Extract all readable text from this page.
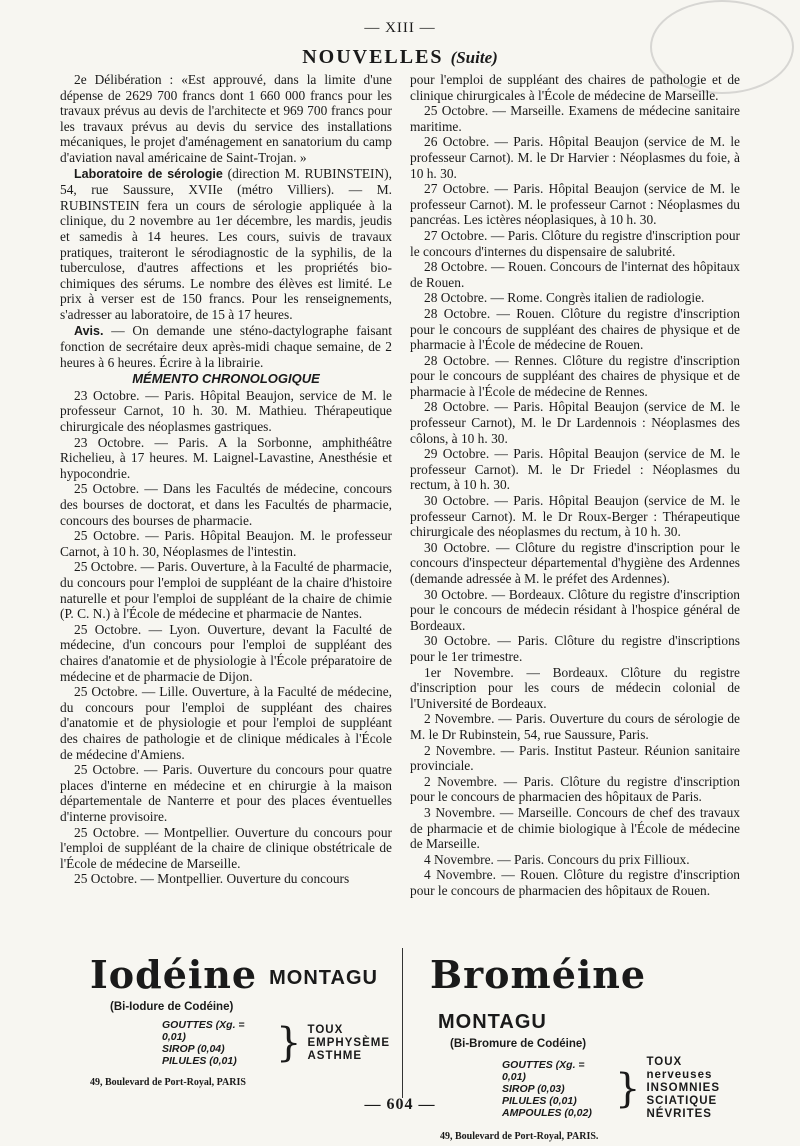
— XIII —
NOUVELLES (Suite)

2e Délibération : «Est approuvé, dans la limite d'une dépense de 2629 700 francs dont 1 660 000 francs pour les travaux prévus au devis de l'architecte et 969 700 francs pour les travaux prévus au devis du service des installations mécaniques, le projet d'aménagement en sanatorium du camp d'aviation naval américaine de Saint-Trojan. »

Laboratoire de sérologie (direction M. RUBINSTEIN), 54, rue Saussure, XVIIe (métro Villiers). — M. RUBINSTEIN fera un cours de sérologie appliquée à la clinique, du 2 novembre au 1er décembre, les mardis, jeudis et samedis à 14 heures. Les cours, suivis de travaux pratiques, traiteront le sérodiagnostic de la syphilis, de la tuberculose, d'autres affections et les propriétés bio-chimiques des sérums. Le nombre des élèves est limité. Le prix à verser est de 150 francs. Pour les renseignements, s'adresser au laboratoire, de 15 à 17 heures.

Avis. — On demande une sténo-dactylographe faisant fonction de secrétaire deux après-midi chaque semaine, de 2 heures à 6 heures. Écrire à la librairie.

MÉMENTO CHRONOLOGIQUE

23 Octobre. — Paris. Hôpital Beaujon, service de M. le professeur Carnot, 10 h. 30. M. Mathieu. Thérapeutique chirurgicale des néoplasmes gastriques.

23 Octobre. — Paris. A la Sorbonne, amphithéâtre Richelieu, à 17 heures. M. Laignel-Lavastine, Anesthésie et hypocondrie.

25 Octobre. — Dans les Facultés de médecine, concours des bourses de doctorat, et dans les Facultés de pharmacie, concours des bourses de pharmacie.

25 Octobre. — Paris. Hôpital Beaujon. M. le professeur Carnot, à 10 h. 30, Néoplasmes de l'intestin.

25 Octobre. — Paris. Ouverture, à la Faculté de pharmacie, du concours pour l'emploi de suppléant de la chaire d'histoire naturelle et pour l'emploi de suppléant de la chaire de chimie (P. C. N.) à l'École de médecine et pharmacie de Nantes.

25 Octobre. — Lyon. Ouverture, devant la Faculté de médecine, d'un concours pour l'emploi de suppléant des chaires d'anatomie et de physiologie à l'École préparatoire de médecine et de pharmacie de Dijon.

25 Octobre. — Lille. Ouverture, à la Faculté de médecine, du concours pour l'emploi de suppléant des chaires d'anatomie et de physiologie et pour l'emploi de suppléant des chaires de pathologie et de clinique médicales à l'École de médecine d'Amiens.

25 Octobre. — Paris. Ouverture du concours pour quatre places d'interne en médecine et en chirurgie à la maison départementale de Nanterre et pour des places éventuelles d'interne provisoire.

25 Octobre. — Montpellier. Ouverture du concours pour l'emploi de suppléant de la chaire de clinique obstétricale de l'École de médecine de Marseille.

25 Octobre. — Montpellier. Ouverture du concours

pour l'emploi de suppléant des chaires de pathologie et de clinique chirurgicales à l'École de médecine de Marseille.

25 Octobre. — Marseille. Examens de médecine sanitaire maritime.

26 Octobre. — Paris. Hôpital Beaujon (service de M. le professeur Carnot). M. le Dr Harvier : Néoplasmes du foie, à 10 h. 30.

27 Octobre. — Paris. Hôpital Beaujon (service de M. le professeur Carnot). M. le professeur Carnot : Néoplasmes du pancréas. Les ictères néoplasiques, à 10 h. 30.

27 Octobre. — Paris. Clôture du registre d'inscription pour le concours d'internes du dispensaire de salubrité.

28 Octobre. — Rouen. Concours de l'internat des hôpitaux de Rouen.

28 Octobre. — Rome. Congrès italien de radiologie.

28 Octobre. — Rouen. Clôture du registre d'inscription pour le concours de suppléant des chaires de physique et de pharmacie à l'École de médecine de Rouen.

28 Octobre. — Rennes. Clôture du registre d'inscription pour le concours de suppléant des chaires de physique et de pharmacie à l'École de médecine de Rennes.

28 Octobre. — Paris. Hôpital Beaujon (service de M. le professeur Carnot), M. le Dr Lardennois : Néoplasmes des côlons, à 10 h. 30.

29 Octobre. — Paris. Hôpital Beaujon (service de M. le professeur Carnot). M. le Dr Friedel : Néoplasmes du rectum, à 10 h. 30.

30 Octobre. — Paris. Hôpital Beaujon (service de M. le professeur Carnot). M. le Dr Roux-Berger : Thérapeutique chirurgicale des néoplasmes du rectum, à 10 h. 30.

30 Octobre. — Clôture du registre d'inscription pour le concours d'inspecteur départemental d'hygiène des Ardennes (demande adressée à M. le préfet des Ardennes).

30 Octobre. — Bordeaux. Clôture du registre d'inscription pour le concours de médecin résidant à l'hospice général de Bordeaux.

30 Octobre. — Paris. Clôture du registre d'inscriptions pour le 1er trimestre.

1er Novembre. — Bordeaux. Clôture du registre d'inscription pour les cours de médecin colonial de l'Université de Bordeaux.

2 Novembre. — Paris. Ouverture du cours de sérologie de M. le Dr Rubinstein, 54, rue Saussure, Paris.

2 Novembre. — Paris. Institut Pasteur. Réunion sanitaire provinciale.

2 Novembre. — Paris. Clôture du registre d'inscription pour le concours de pharmacien des hôpitaux de Paris.

3 Novembre. — Marseille. Concours de chef des travaux de pharmacie et de chimie biologique à l'École de médecine de Marseille.

4 Novembre. — Paris. Concours du prix Fillioux.

4 Novembre. — Rouen. Clôture du registre d'inscription pour le concours de pharmacien des hôpitaux de Rouen.

Iodéine MONTAGU
(Bi-Iodure de Codéine)
GOUTTES (Xg. = 0,01)
SIROP (0,04)
PILULES (0,01) } TOUX
EMPHYSÈME
ASTHME
49, Boulevard de Port-Royal, PARIS
Broméine MONTAGU
(Bi-Bromure de Codéine)
GOUTTES (Xg. = 0,01)
SIROP (0,03)
PILULES (0,01)
AMPOULES (0,02)
}
TOUX nerveuses
INSOMNIES
SCIATIQUE
NÉVRITES
49, Boulevard de Port-Royal, PARIS.
— 604 —
